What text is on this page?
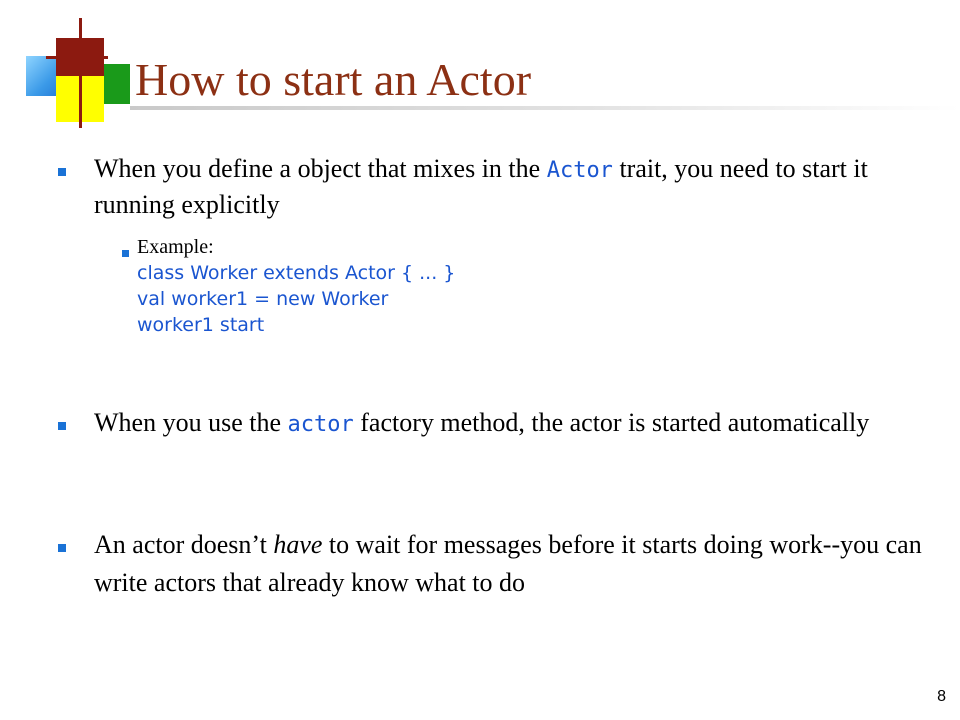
How to start an Actor
When you define a object that mixes in the Actor trait, you need to start it running explicitly
Example:
class Worker extends Actor { ... }
val worker1 = new Worker
worker1 start
When you use the actor factory method, the actor is started automatically
An actor doesn’t have to wait for messages before it starts doing work--you can write actors that already know what to do
8
